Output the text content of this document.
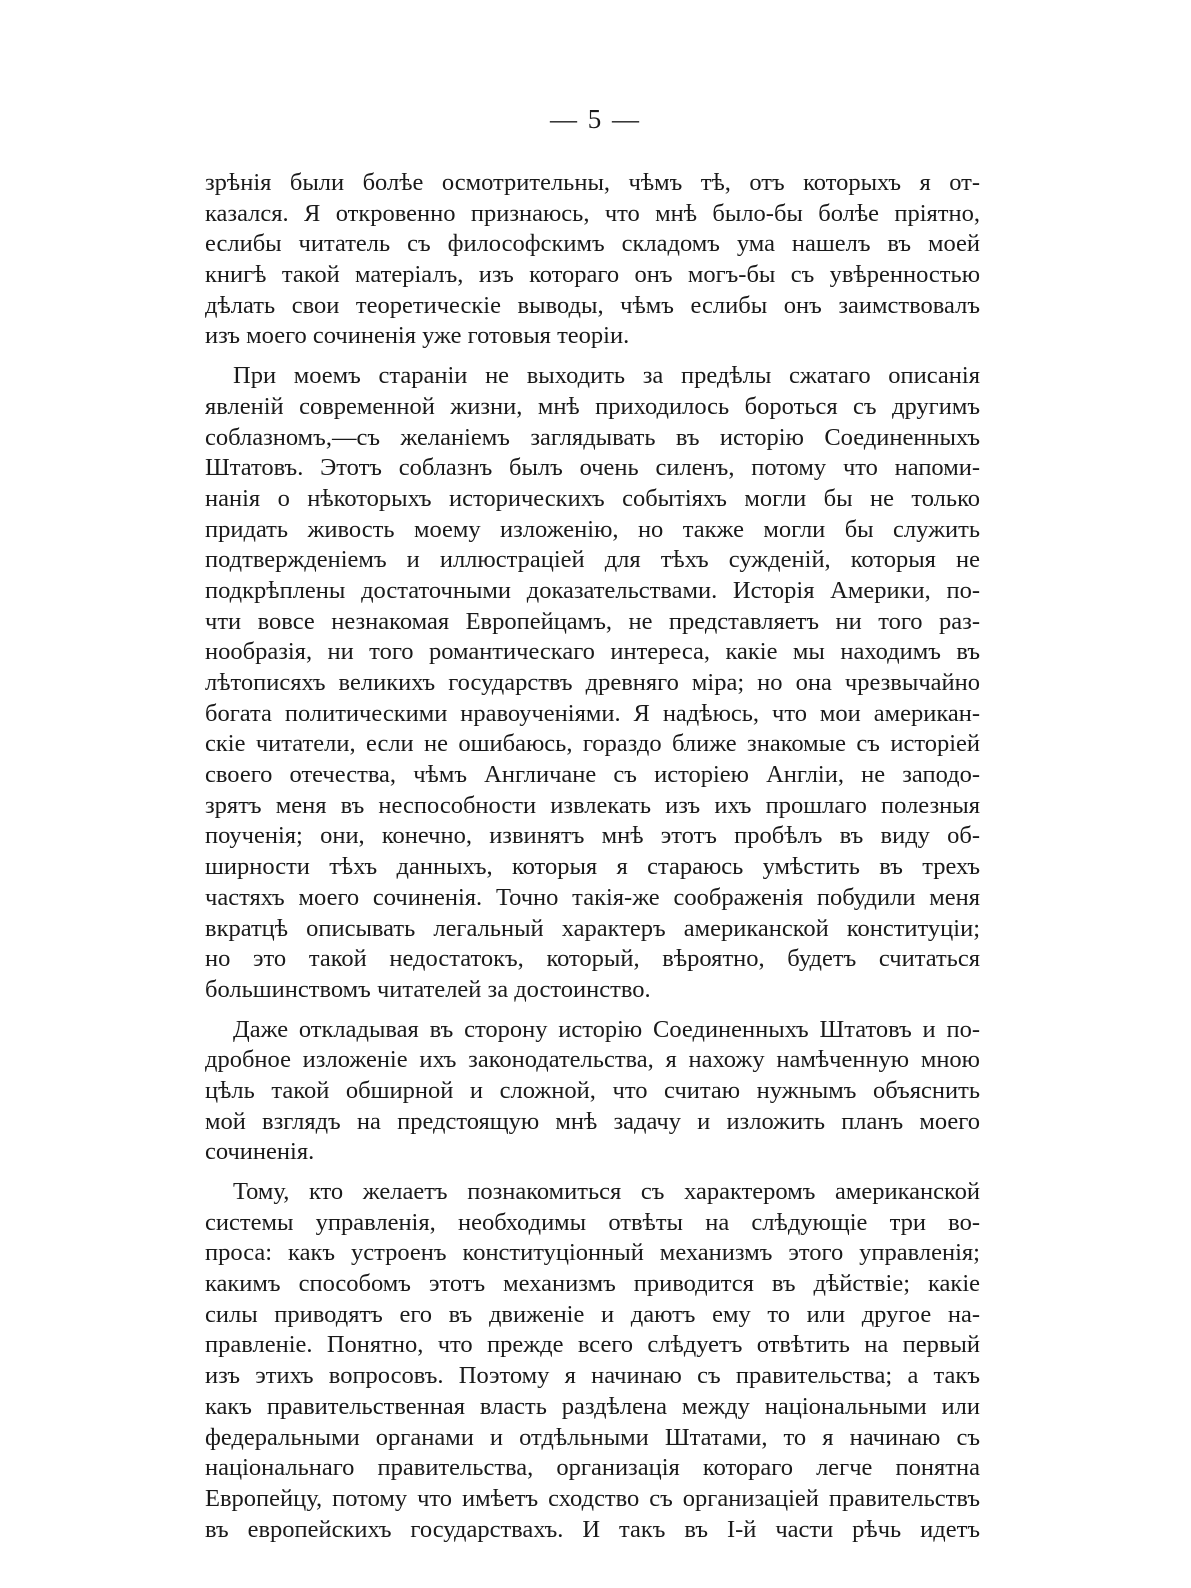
— 5 —
зрѣнія были болѣе осмотрительны, чѣмъ тѣ, отъ которыхъ я от-
казался. Я откровенно признаюсь, что мнѣ было-бы болѣе пріятно,
еслибы читатель съ философскимъ складомъ ума нашелъ въ моей
книгѣ такой матеріалъ, изъ котораго онъ могъ-бы съ увѣренностью
дѣлать свои теоретическіе выводы, чѣмъ еслибы онъ заимствовалъ
изъ моего сочиненія уже готовыя теоріи.
При моемъ стараніи не выходить за предѣлы сжатаго описанія
явленій современной жизни, мнѣ приходилось бороться съ другимъ
соблазномъ,—съ желаніемъ заглядывать въ исторію Соединенныхъ
Штатовъ. Этотъ соблазнъ былъ очень силенъ, потому что напоми-
нанія о нѣкоторыхъ историческихъ событіяхъ могли бы не только
придать живость моему изложенію, но также могли бы служить
подтвержденіемъ и иллюстраціей для тѣхъ сужденій, которыя не
подкрѣплены достаточными доказательствами. Исторія Америки, по-
чти вовсе незнакомая Европейцамъ, не представляетъ ни того раз-
нообразія, ни того романтическаго интереса, какіе мы находимъ въ
лѣтописяхъ великихъ государствъ древняго міра; но она чрезвычайно
богата политическими нравоученіями. Я надѣюсь, что мои американ-
скіе читатели, если не ошибаюсь, гораздо ближе знакомые съ исторіей
своего отечества, чѣмъ Англичане съ исторіею Англіи, не заподо-
зрятъ меня въ неспособности извлекать изъ ихъ прошлаго полезныя
поученія; они, конечно, извинятъ мнѣ этотъ пробѣлъ въ виду об-
ширности тѣхъ данныхъ, которыя я стараюсь умѣстить въ трехъ
частяхъ моего сочиненія. Точно такія-же соображенія побудили меня
вкратцѣ описывать легальный характеръ американской конституціи;
но это такой недостатокъ, который, вѣроятно, будетъ считаться
большинствомъ читателей за достоинство.
Даже откладывая въ сторону исторію Соединенныхъ Штатовъ и по-
дробное изложеніе ихъ законодательства, я нахожу намѣченную мною
цѣль такой обширной и сложной, что считаю нужнымъ объяснить
мой взглядъ на предстоящую мнѣ задачу и изложить планъ моего
сочиненія.
Тому, кто желаетъ познакомиться съ характеромъ американской
системы управленія, необходимы отвѣты на слѣдующіе три во-
проса: какъ устроенъ конституціонный механизмъ этого управленія;
какимъ способомъ этотъ механизмъ приводится въ дѣйствіе; какіе
силы приводятъ его въ движеніе и даютъ ему то или другое на-
правленіе. Понятно, что прежде всего слѣдуетъ отвѣтить на первый
изъ этихъ вопросовъ. Поэтому я начинаю съ правительства; а такъ
какъ правительственная власть раздѣлена между національными или
федеральными органами и отдѣльными Штатами, то я начинаю съ
національнаго правительства, организація котораго легче понятна
Европейцу, потому что имѣетъ сходство съ организаціей правительствъ
въ европейскихъ государствахъ. И такъ въ I-й части рѣчь идетъ
